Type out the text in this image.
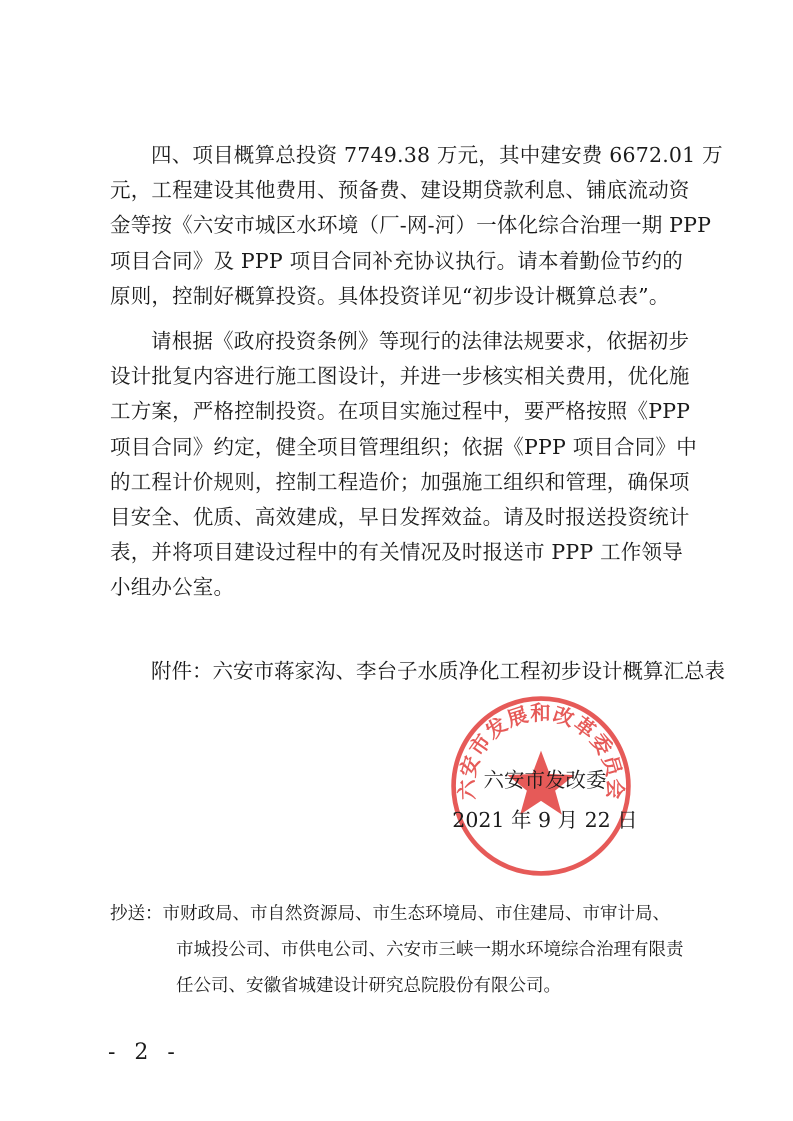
四、项目概算总投资 7749.38 万元，其中建安费 6672.01 万
元，工程建设其他费用、预备费、建设期贷款利息、铺底流动资
金等按《六安市城区水环境（厂-网-河）一体化综合治理一期 PPP
项目合同》及 PPP 项目合同补充协议执行。请本着勤俭节约的
原则，控制好概算投资。具体投资详见“初步设计概算总表”。
请根据《政府投资条例》等现行的法律法规要求，依据初步
设计批复内容进行施工图设计，并进一步核实相关费用，优化施
工方案，严格控制投资。在项目实施过程中，要严格按照《PPP
项目合同》约定，健全项目管理组织；依据《PPP 项目合同》中
的工程计价规则，控制工程造价；加强施工组织和管理，确保项
目安全、优质、高效建成，早日发挥效益。请及时报送投资统计
表，并将项目建设过程中的有关情况及时报送市 PPP 工作领导
小组办公室。
附件：六安市蒋家沟、李台子水质净化工程初步设计概算汇总表
六安市发展和改革委员会
六安市发改委
2021 年 9 月 22 日
抄送：市财政局、市自然资源局、市生态环境局、市住建局、市审计局、
市城投公司、市供电公司、六安市三峡一期水环境综合治理有限责
任公司、安徽省城建设计研究总院股份有限公司。
- 2 -
